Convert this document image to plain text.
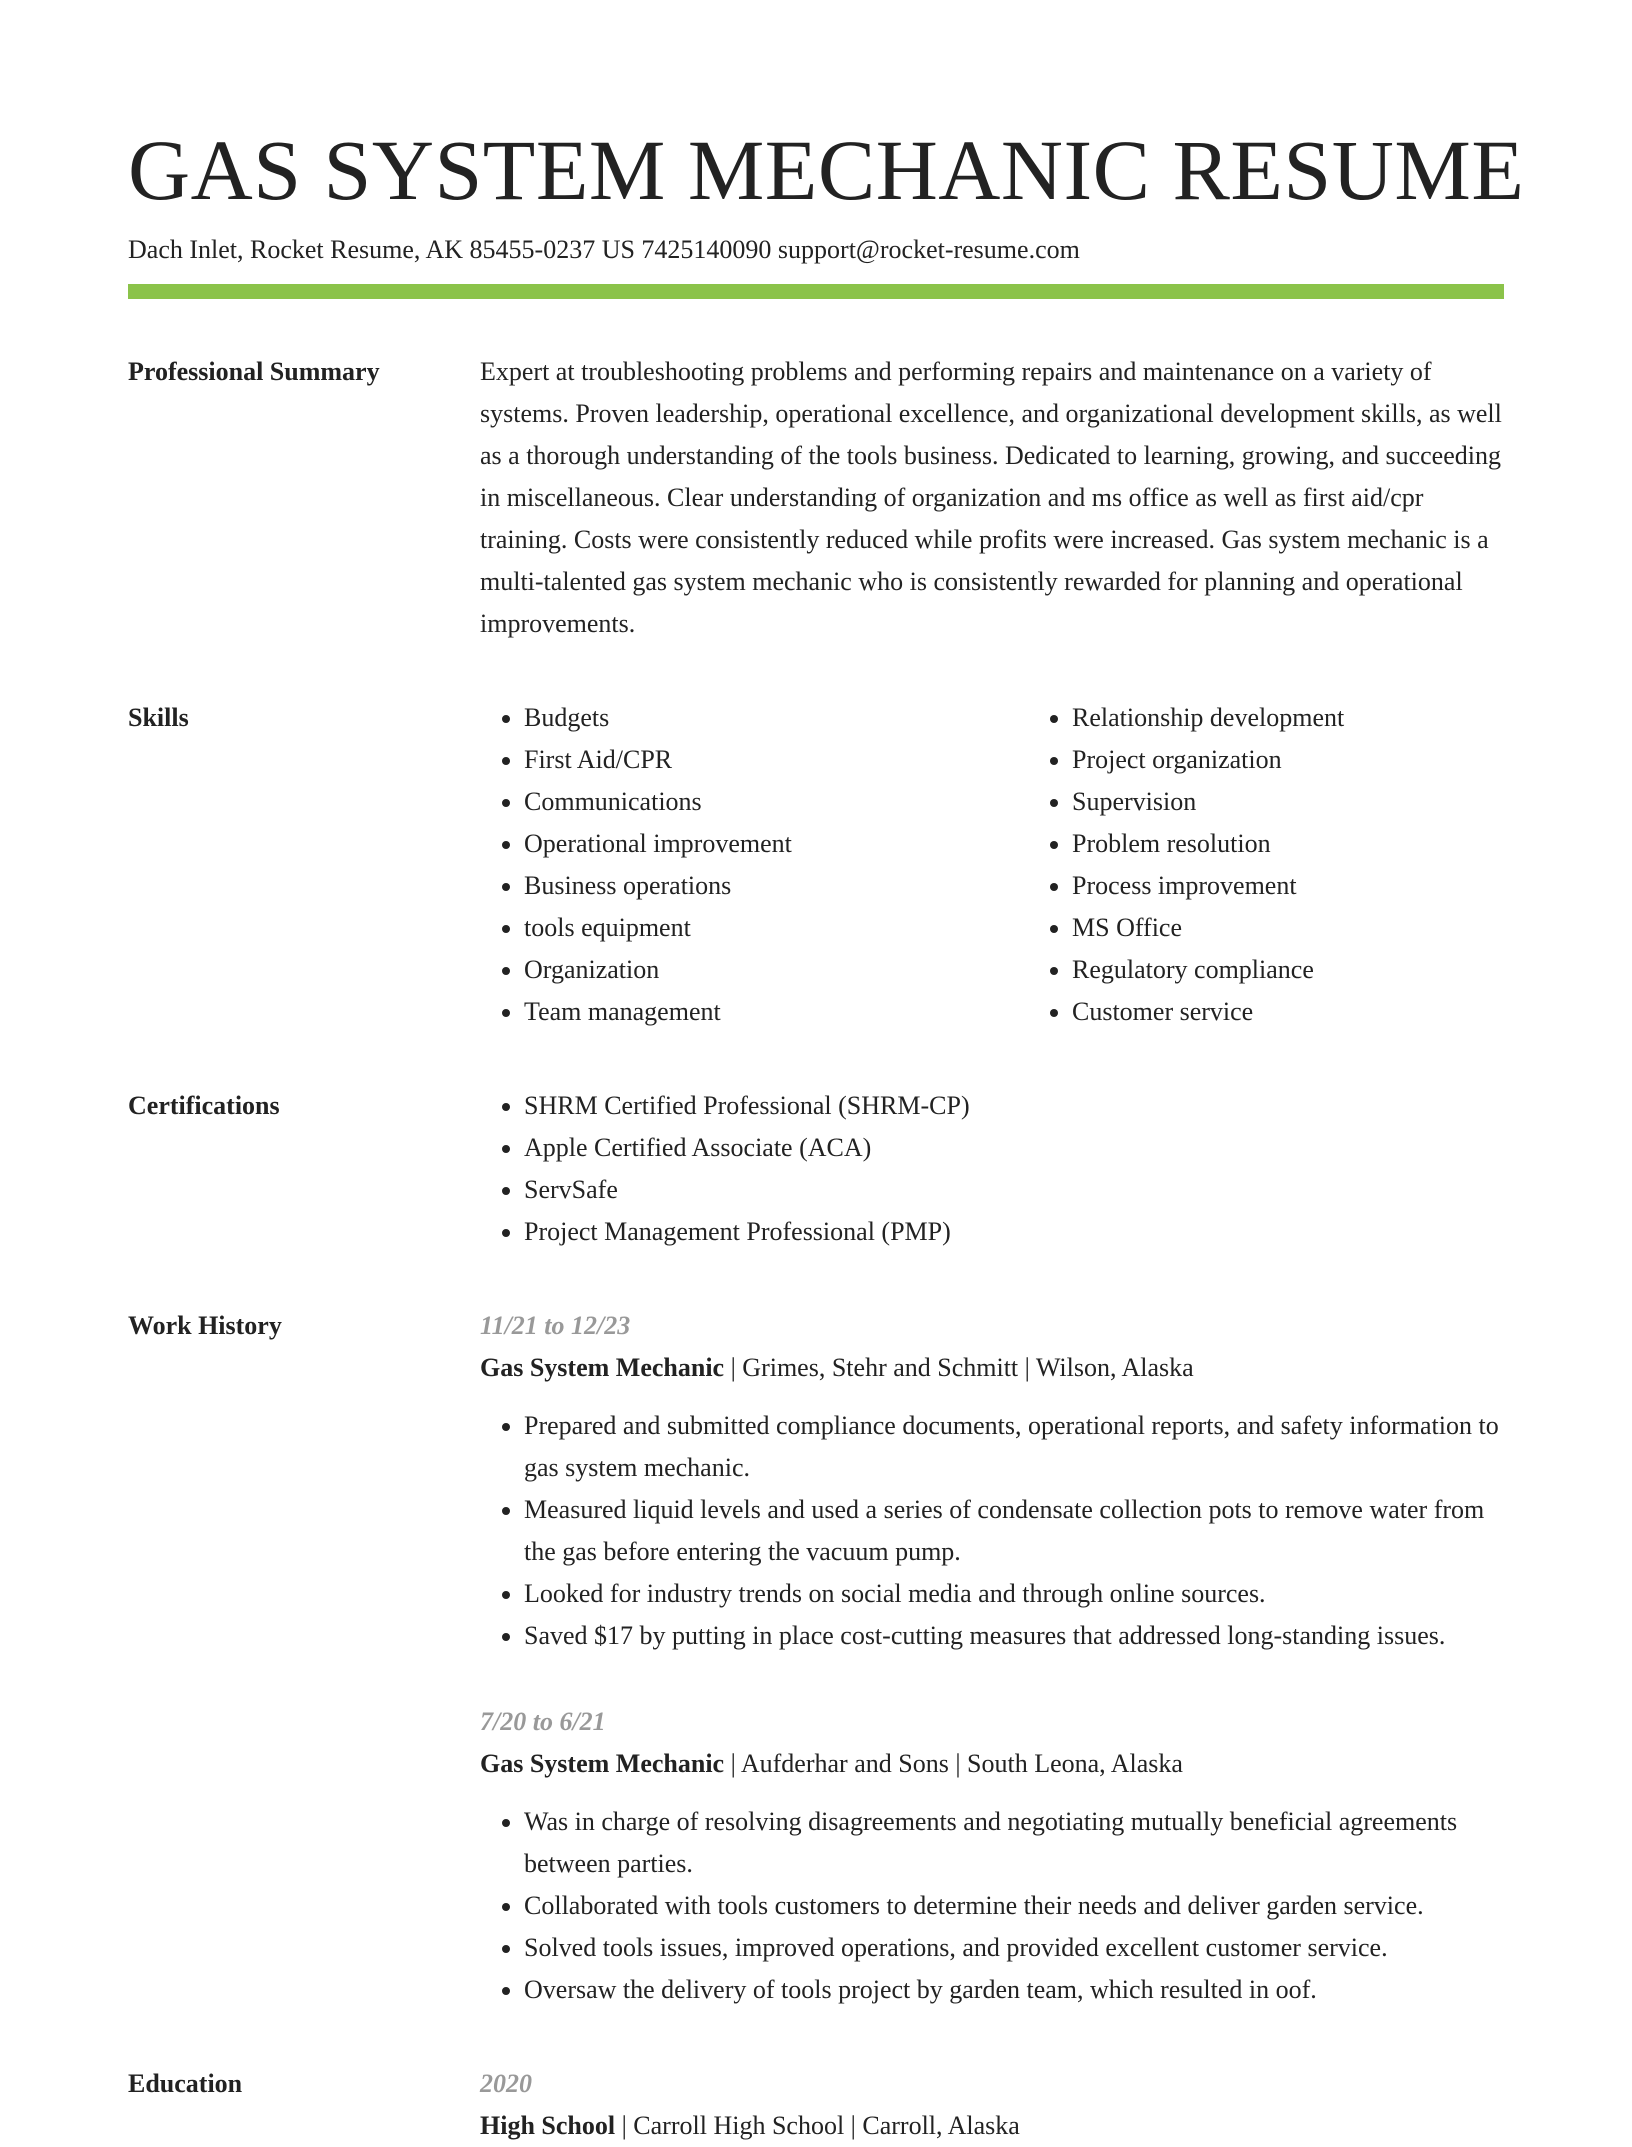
GAS SYSTEM MECHANIC RESUME
Dach Inlet, Rocket Resume, AK 85455-0237 US 7425140090 support@rocket-resume.com
Professional Summary	Expert at troubleshooting problems and performing repairs and maintenance on a variety of systems. Proven leadership, operational excellence, and organizational development skills, as well as a thorough understanding of the tools business. Dedicated to learning, growing, and succeeding in miscellaneous. Clear understanding of organization and ms office as well as first aid/cpr training. Costs were consistently reduced while profits were increased. Gas system mechanic is a multi-talented gas system mechanic who is consistently rewarded for planning and operational improvements.

Skills	• Budgets
• First Aid/CPR
• Communications
• Operational improvement
• Business operations
• tools equipment
• Organization
• Team management
• Relationship development
• Project organization
• Supervision
• Problem resolution
• Process improvement
• MS Office
• Regulatory compliance
• Customer service
Certifications	• SHRM Certified Professional (SHRM-CP)
• Apple Certified Associate (ACA)
• ServSafe
• Project Management Professional (PMP)
Work History	11/21 to 12/23
Gas System Mechanic | Grimes, Stehr and Schmitt | Wilson, Alaska
• Prepared and submitted compliance documents, operational reports, and safety information to gas system mechanic.
• Measured liquid levels and used a series of condensate collection pots to remove water from the gas before entering the vacuum pump.
• Looked for industry trends on social media and through online sources.
• Saved $17 by putting in place cost-cutting measures that addressed long-standing issues.
7/20 to 6/21
Gas System Mechanic | Aufderhar and Sons | South Leona, Alaska
• Was in charge of resolving disagreements and negotiating mutually beneficial agreements between parties.
• Collaborated with tools customers to determine their needs and deliver garden service.
• Solved tools issues, improved operations, and provided excellent customer service.
• Oversaw the delivery of tools project by garden team, which resulted in oof.
Education	2020
High School | Carroll High School | Carroll, Alaska
